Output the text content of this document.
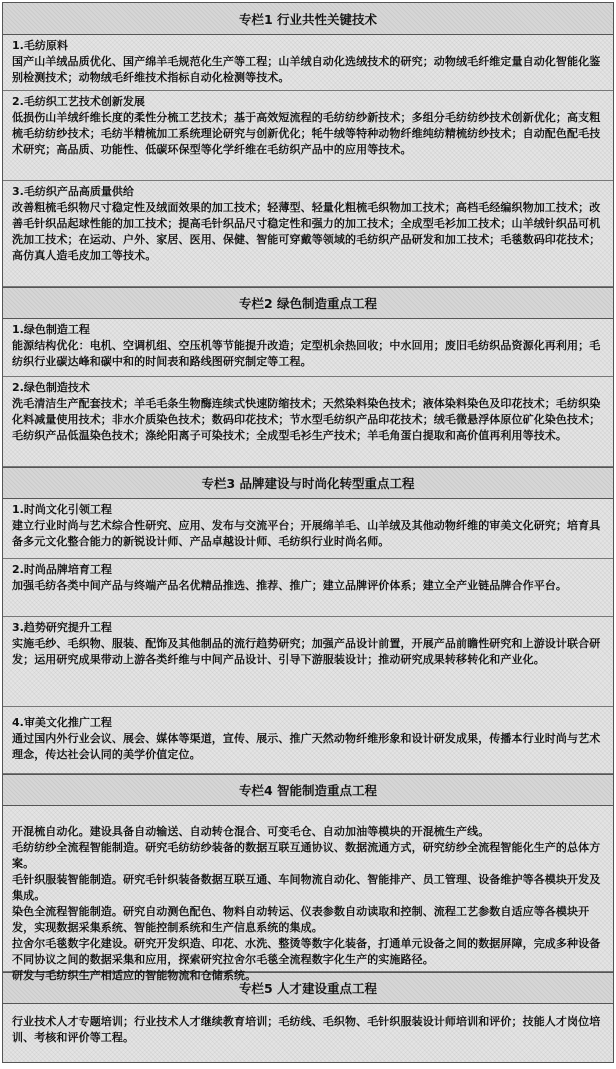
专栏1 行业共性关键技术
1.毛纺原料
国产山羊绒品质优化、国产绵羊毛规范化生产等工程；山羊绒自动化选绒技术的研究；动物绒毛纤维定量自动化智能化鉴别检测技术；动物绒毛纤维技术指标自动化检测等技术。
2.毛纺织工艺技术创新发展
低损伤山羊绒纤维长度的柔性分梳工艺技术；基于高效短流程的毛纺纺纱新技术；多组分毛纺纺纱技术创新优化；高支粗梳毛纺纺纱技术；毛纺半精梳加工系统理论研究与创新优化；牦牛绒等特种动物纤维纯纺精梳纺纱技术；自动配色配毛技术研究；高品质、功能性、低碳环保型等化学纤维在毛纺织产品中的应用等技术。
3.毛纺织产品高质量供给
改善粗梳毛织物尺寸稳定性及绒面效果的加工技术；轻薄型、轻量化粗梳毛织物加工技术；高档毛经编织物加工技术；改善毛针织品起球性能的加工技术；提高毛针织品尺寸稳定性和强力的加工技术；全成型毛衫加工技术；山羊绒针织品可机洗加工技术；在运动、户外、家居、医用、保健、智能可穿戴等领域的毛纺织产品研发和加工技术；毛毯数码印花技术；高仿真人造毛皮加工等技术。
专栏2 绿色制造重点工程
1.绿色制造工程
能源结构优化：电机、空调机组、空压机等节能提升改造；定型机余热回收；中水回用；废旧毛纺织品资源化再利用；毛纺织行业碳达峰和碳中和的时间表和路线图研究制定等工程。
2.绿色制造技术
洗毛清洁生产配套技术；羊毛毛条生物酶连续式快速防缩技术；天然染料染色技术；液体染料染色及印花技术；毛纺织染化料减量使用技术；非水介质染色技术；数码印花技术；节水型毛纺织产品印花技术；绒毛微悬浮体原位矿化染色技术；毛纺织产品低温染色技术；涤纶阳离子可染技术；全成型毛衫生产技术；羊毛角蛋白提取和高价值再利用等技术。
专栏3 品牌建设与时尚化转型重点工程
1.时尚文化引领工程
建立行业时尚与艺术综合性研究、应用、发布与交流平台；开展绵羊毛、山羊绒及其他动物纤维的审美文化研究；培育具备多元文化整合能力的新锐设计师、产品卓越设计师、毛纺织行业时尚名师。
2.时尚品牌培育工程
加强毛纺各类中间产品与终端产品名优精品推选、推荐、推广；建立品牌评价体系；建立全产业链品牌合作平台。
3.趋势研究提升工程
实施毛纱、毛织物、服装、配饰及其他制品的流行趋势研究；加强产品设计前置，开展产品前瞻性研究和上游设计联合研发；运用研究成果带动上游各类纤维与中间产品设计、引导下游服装设计；推动研究成果转移转化和产业化。
4.审美文化推广工程
通过国内外行业会议、展会、媒体等渠道，宣传、展示、推广天然动物纤维形象和设计研发成果，传播本行业时尚与艺术理念，传达社会认同的美学价值定位。
专栏4 智能制造重点工程

开混梳自动化。建设具备自动输送、自动转仓混合、可变毛仓、自动加油等模块的开混梳生产线。
毛纺纺纱全流程智能制造。研究毛纺纺纱装备的数据互联互通协议、数据流通方式，研究纺纱全流程智能化生产的总体方案。
毛针织服装智能制造。研究毛针织装备数据互联互通、车间物流自动化、智能排产、员工管理、设备维护等各模块开发及集成。
染色全流程智能制造。研究自动测色配色、物料自动转运、仪表参数自动读取和控制、流程工艺参数自适应等各模块开发，实现数据采集系统、智能控制系统和生产信息系统的集成。
拉舍尔毛毯数字化建设。研究开发织造、印花、水洗、整烫等数字化装备，打通单元设备之间的数据屏障，完成多种设备不同协议之间的数据采集和应用，探索研究拉舍尔毛毯全流程数字化生产的实施路径。
研发与毛纺织生产相适应的智能物流和仓储系统。

专栏5 人才建设重点工程
行业技术人才专题培训；行业技术人才继续教育培训；毛纺线、毛织物、毛针织服装设计师培训和评价；技能人才岗位培训、考核和评价等工程。
